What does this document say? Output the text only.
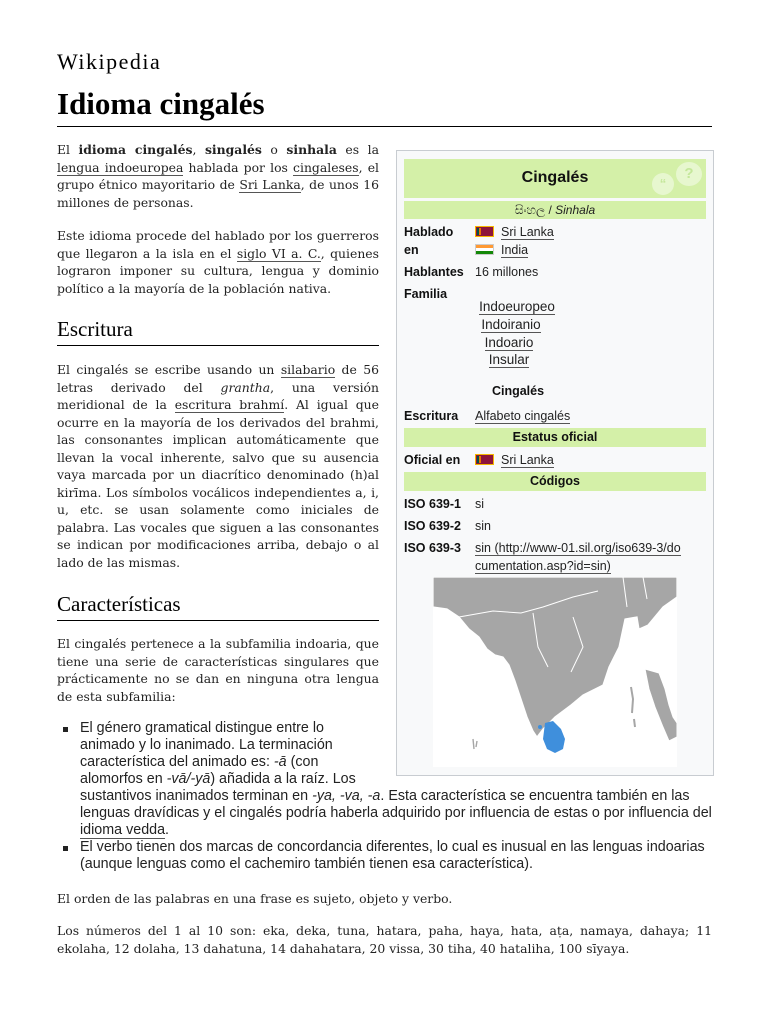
Wikipedia
Idioma cingalés

El idioma cingalés, singalés o sinhala es la lengua indoeuropea hablada por los cingaleses, el grupo étnico mayoritario de Sri Lanka, de unos 16 millones de personas.

Este idioma procede del hablado por los guerreros que llegaron a la isla en el siglo VI a. C., quienes lograron imponer su cultura, lengua y dominio político a la mayoría de la población nativa.

Escritura

El cingalés se escribe usando un silabario de 56 letras derivado del grantha, una versión meridional de la escritura brahmí. Al igual que ocurre en la mayoría de los derivados del brahmi, las consonantes implican automáticamente que llevan la vocal inherente, salvo que su ausencia vaya marcada por un diacrítico denominado (h)al kirīma. Los símbolos vocálicos independientes a, i, u, etc. se usan solamente como iniciales de palabra. Las vocales que siguen a las consonantes se indican por modificaciones arriba, debajo o al lado de las mismas.

Características

El cingalés pertenece a la subfamilia indoaria, que tiene una serie de características singulares que prácticamente no se dan en ninguna otra lengua de esta subfamilia:

El género gramatical distingue entre lo animado y lo inanimado. La terminación característica del animado es: -ā (con alomorfos en -vā/-yā) añadida a la raíz. Los
sustantivos inanimados terminan en -ya, -va, -a. Esta característica se encuentra también en las lenguas dravídicas y el cingalés podría haberla adquirido por influencia de estas o por influencia del idioma vedda.
El verbo tienen dos marcas de concordancia diferentes, lo cual es inusual en las lenguas indoarias (aunque lenguas como el cachemiro también tienen esa característica).

El orden de las palabras en una frase es sujeto, objeto y verbo.

Los números del 1 al 10 son: eka, deka, tuna, hatara, paha, haya, hata, aṭa, namaya, dahaya; 11 ekolaha, 12 dolaha, 13 dahatuna, 14 dahahatara, 20 vissa, 30 tiha, 40 hataliha, 100 sīyaya.

“
?
Cingalés
සිංහල / Sinhala
Hablado
en
Sri Lanka
India
Hablantes 16 millones
Familia
Indoeuropeo
Indoiranio
Indoario
Insular
Cingalés
Escritura Alfabeto cingalés
Estatus oficial
Oficial en	Sri Lanka
Códigos
ISO 639-1 si
ISO 639-2 sin
ISO 639-3 sin (http://www-01.sil.org/iso639-3/do
cumentation.asp?id=sin)
